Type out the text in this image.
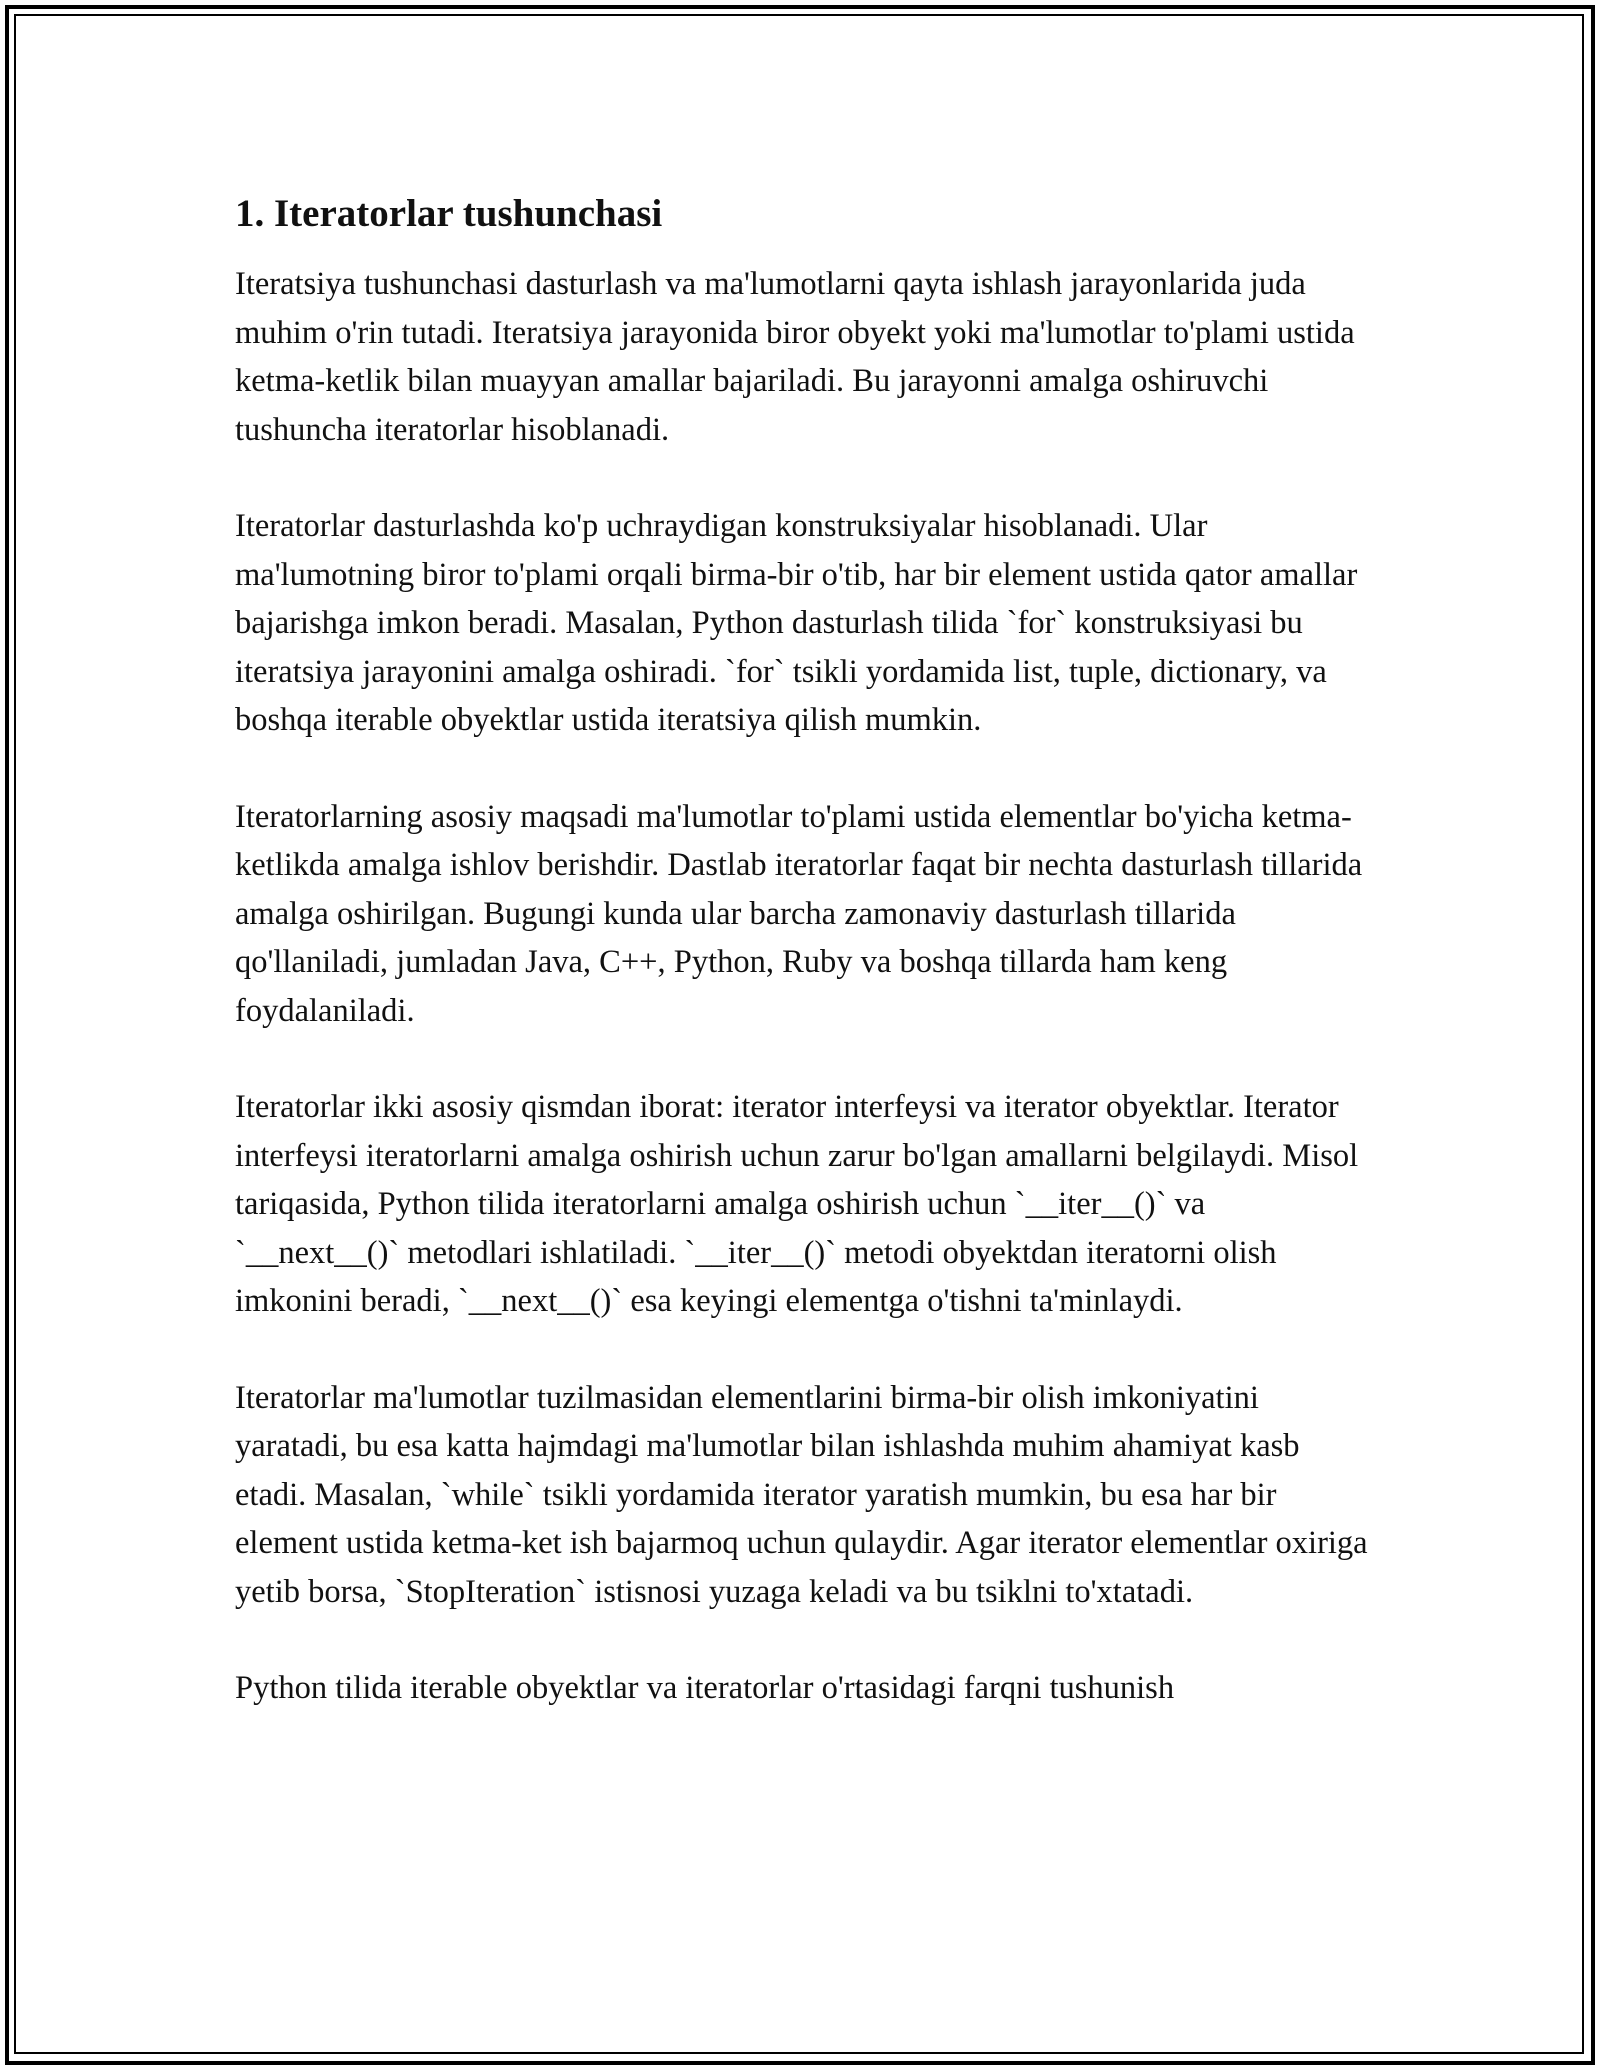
1. Iteratorlar tushunchasi

Iteratsiya tushunchasi dasturlash va ma'lumotlarni qayta ishlash jarayonlarida juda muhim o'rin tutadi. Iteratsiya jarayonida biror obyekt yoki ma'lumotlar to'plami ustida ketma-ketlik bilan muayyan amallar bajariladi. Bu jarayonni amalga oshiruvchi tushuncha iteratorlar hisoblanadi.

Iteratorlar dasturlashda ko'p uchraydigan konstruksiyalar hisoblanadi. Ular ma'lumotning biror to'plami orqali birma-bir o'tib, har bir element ustida qator amallar bajarishga imkon beradi. Masalan, Python dasturlash tilida `for` konstruksiyasi bu iteratsiya jarayonini amalga oshiradi. `for` tsikli yordamida list, tuple, dictionary, va boshqa iterable obyektlar ustida iteratsiya qilish mumkin.

Iteratorlarning asosiy maqsadi ma'lumotlar to'plami ustida elementlar bo'yicha ketma-ketlikda amalga ishlov berishdir. Dastlab iteratorlar faqat bir nechta dasturlash tillarida amalga oshirilgan. Bugungi kunda ular barcha zamonaviy dasturlash tillarida qo'llaniladi, jumladan Java, C++, Python, Ruby va boshqa tillarda ham keng foydalaniladi.

Iteratorlar ikki asosiy qismdan iborat: iterator interfeysi va iterator obyektlar. Iterator interfeysi iteratorlarni amalga oshirish uchun zarur bo'lgan amallarni belgilaydi. Misol tariqasida, Python tilida iteratorlarni amalga oshirish uchun `__iter__()` va `__next__()` metodlari ishlatiladi. `__iter__()` metodi obyektdan iteratorni olish imkonini beradi, `__next__()` esa keyingi elementga o'tishni ta'minlaydi.

Iteratorlar ma'lumotlar tuzilmasidan elementlarini birma-bir olish imkoniyatini yaratadi, bu esa katta hajmdagi ma'lumotlar bilan ishlashda muhim ahamiyat kasb etadi. Masalan, `while` tsikli yordamida iterator yaratish mumkin, bu esa har bir element ustida ketma-ket ish bajarmoq uchun qulaydir. Agar iterator elementlar oxiriga yetib borsa, `StopIteration` istisnosi yuzaga keladi va bu tsiklni to'xtatadi.

Python tilida iterable obyektlar va iteratorlar o'rtasidagi farqni tushunish
